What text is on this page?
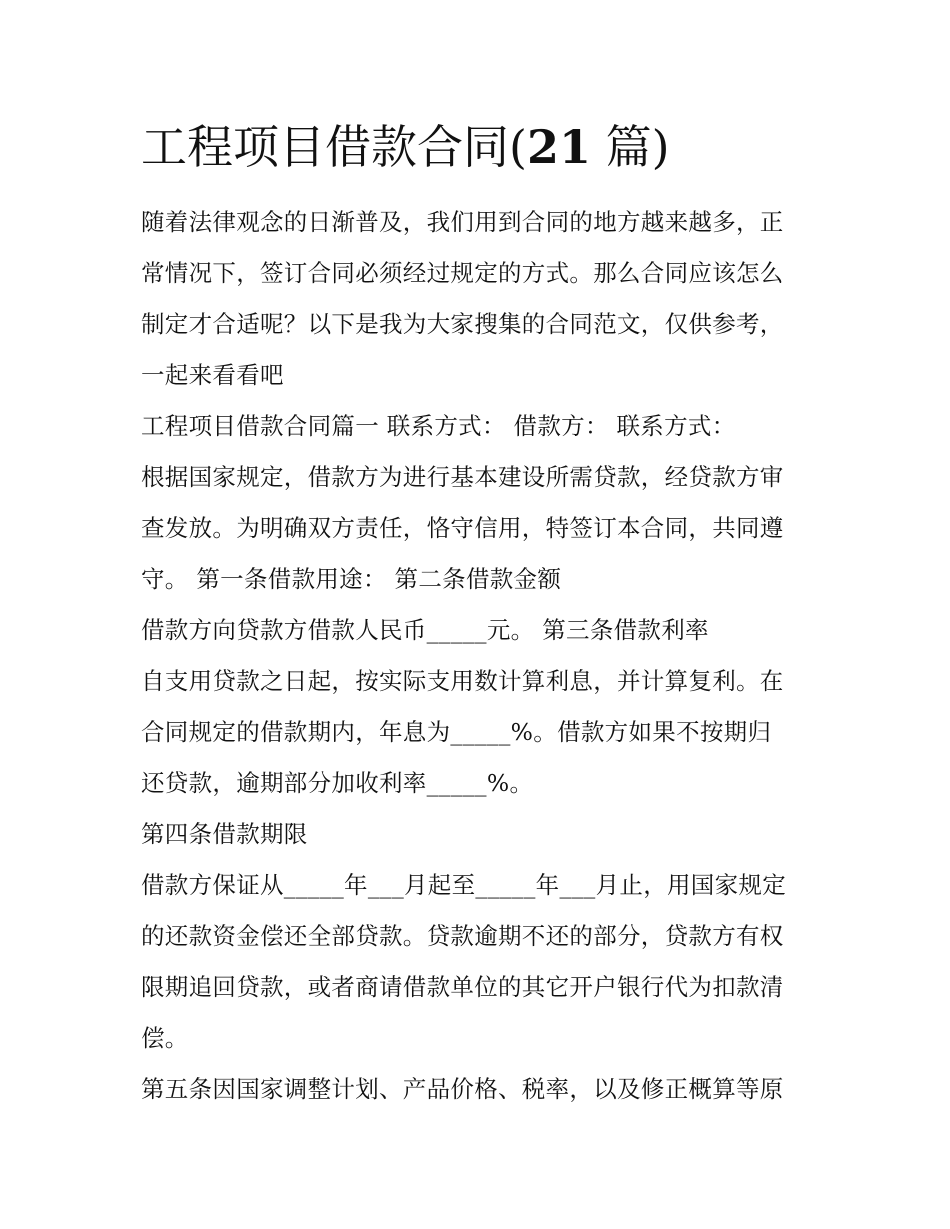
工程项目借款合同(21 篇)

随着法律观念的日渐普及，我们用到合同的地方越来越多，正

常情况下，签订合同必须经过规定的方式。那么合同应该怎么

制定才合适呢？以下是我为大家搜集的合同范文，仅供参考，

一起来看看吧

工程项目借款合同篇一 联系方式： 借款方： 联系方式：

根据国家规定，借款方为进行基本建设所需贷款，经贷款方审

查发放。为明确双方责任，恪守信用，特签订本合同，共同遵

守。 第一条借款用途： 第二条借款金额

借款方向贷款方借款人民币_____元。 第三条借款利率

自支用贷款之日起，按实际支用数计算利息，并计算复利。在

合同规定的借款期内，年息为_____%。借款方如果不按期归

还贷款，逾期部分加收利率_____%。

第四条借款期限

借款方保证从_____年___月起至_____年___月止，用国家规定

的还款资金偿还全部贷款。贷款逾期不还的部分，贷款方有权

限期追回贷款，或者商请借款单位的其它开户银行代为扣款清

偿。

第五条因国家调整计划、产品价格、税率，以及修正概算等原
